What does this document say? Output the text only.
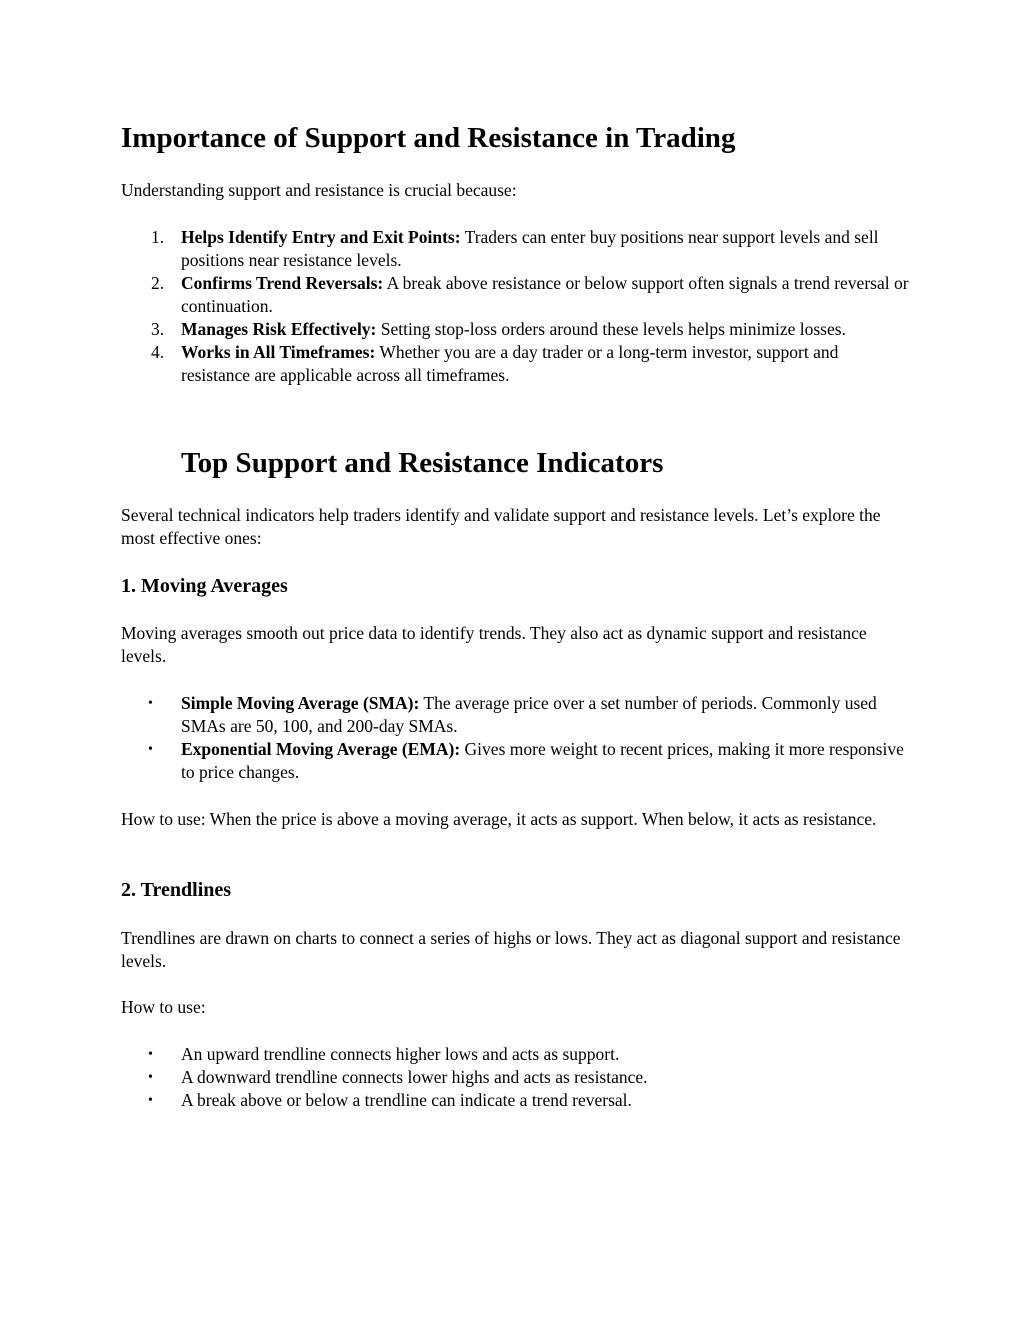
Importance of Support and Resistance in Trading

Understanding support and resistance is crucial because:

1. Helps Identify Entry and Exit Points: Traders can enter buy positions near support levels and sell positions near resistance levels.
2. Confirms Trend Reversals: A break above resistance or below support often signals a trend reversal or continuation.
3. Manages Risk Effectively: Setting stop-loss orders around these levels helps minimize losses.
4. Works in All Timeframes: Whether you are a day trader or a long-term investor, support and resistance are applicable across all timeframes.
Top Support and Resistance Indicators

Several technical indicators help traders identify and validate support and resistance levels. Let’s explore the most effective ones:

1. Moving Averages

Moving averages smooth out price data to identify trends. They also act as dynamic support and resistance levels.

• Simple Moving Average (SMA): The average price over a set number of periods. Commonly used SMAs are 50, 100, and 200-day SMAs.
• Exponential Moving Average (EMA): Gives more weight to recent prices, making it more responsive to price changes.

How to use: When the price is above a moving average, it acts as support. When below, it acts as resistance.

2. Trendlines

Trendlines are drawn on charts to connect a series of highs or lows. They act as diagonal support and resistance levels.

How to use:

• An upward trendline connects higher lows and acts as support.
• A downward trendline connects lower highs and acts as resistance.
• A break above or below a trendline can indicate a trend reversal.
